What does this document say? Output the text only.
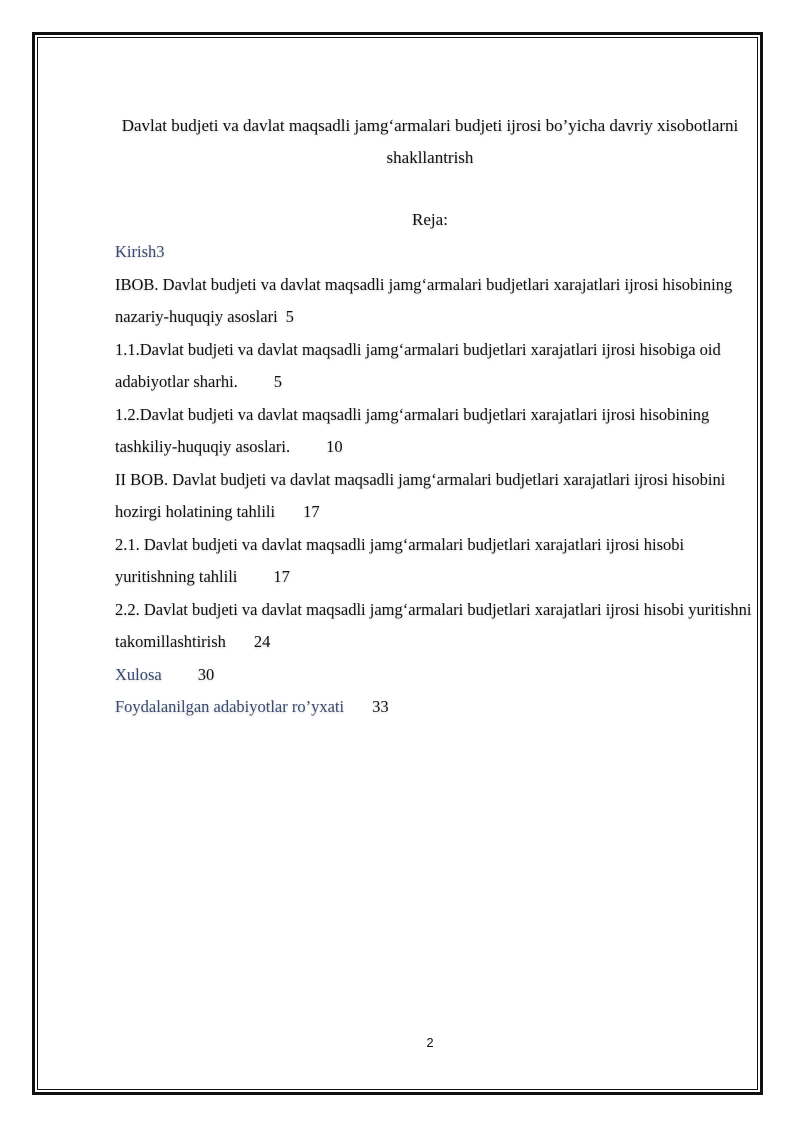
Davlat budjeti va davlat maqsadli jamg‘armalari budjeti ijrosi bo’yicha davriy xisobotlarni shakllantrish
Reja:

Kirish3

IBOB. Davlat budjeti va davlat maqsadli jamg‘armalari budjetlari xarajatlari ijrosi hisobining nazariy-huquqiy asoslari 5

1.1.Davlat budjeti va davlat maqsadli jamg‘armalari budjetlari xarajatlari ijrosi hisobiga oid adabiyotlar sharhi. 5

1.2.Davlat budjeti va davlat maqsadli jamg‘armalari budjetlari xarajatlari ijrosi hisobining tashkiliy-huquqiy asoslari. 10

II BOB. Davlat budjeti va davlat maqsadli jamg‘armalari budjetlari xarajatlari ijrosi hisobini hozirgi holatining tahlili 17

2.1. Davlat budjeti va davlat maqsadli jamg‘armalari budjetlari xarajatlari ijrosi hisobi yuritishning tahlili 17

2.2. Davlat budjeti va davlat maqsadli jamg‘armalari budjetlari xarajatlari ijrosi hisobi yuritishni takomillashtirish 24

Xulosa 30

Foydalanilgan adabiyotlar ro’yxati 33

2
